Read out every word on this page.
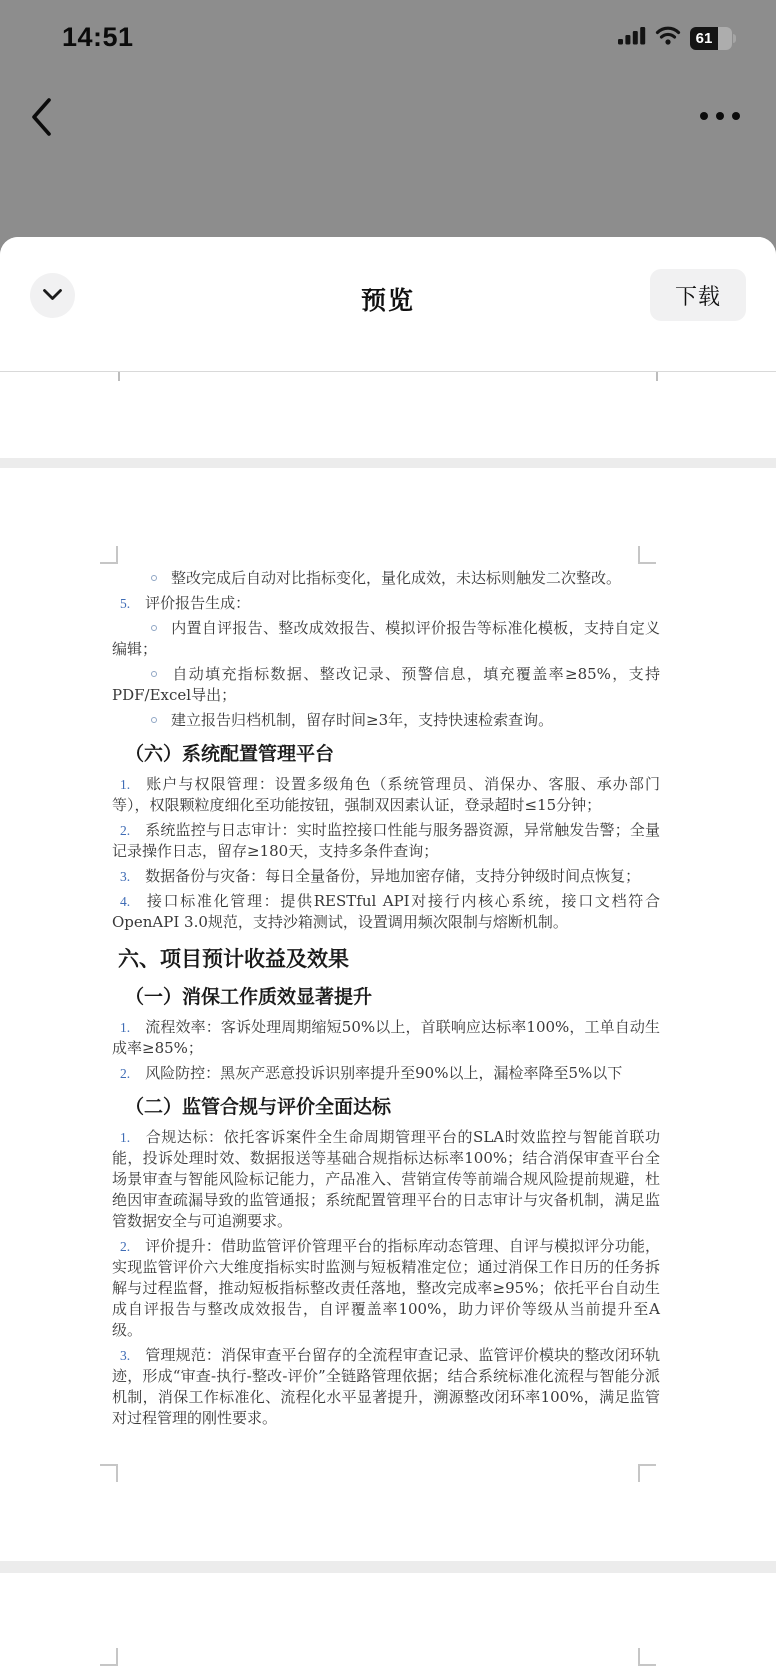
14:51	61
预览	下载

整改完成后自动对比指标变化，量化成效，未达标则触发二次整改。

5. 评价报告生成：

内置自评报告、整改成效报告、模拟评价报告等标准化模板，支持自定义编辑；

自动填充指标数据、整改记录、预警信息，填充覆盖率≥85%，支持PDF/Excel导出；

建立报告归档机制，留存时间≥3年，支持快速检索查询。

（六）系统配置管理平台

1. 账户与权限管理：设置多级角色（系统管理员、消保办、客服、承办部门等），权限颗粒度细化至功能按钮，强制双因素认证，登录超时≤15分钟；

2. 系统监控与日志审计：实时监控接口性能与服务器资源，异常触发告警；全量记录操作日志，留存≥180天，支持多条件查询；

3. 数据备份与灾备：每日全量备份，异地加密存储，支持分钟级时间点恢复；

4. 接口标准化管理：提供RESTful API对接行内核心系统，接口文档符合OpenAPI 3.0规范，支持沙箱测试，设置调用频次限制与熔断机制。

六、项目预计收益及效果
（一）消保工作质效显著提升

1. 流程效率：客诉处理周期缩短50%以上，首联响应达标率100%，工单自动生成率≥85%；

2. 风险防控：黑灰产恶意投诉识别率提升至90%以上，漏检率降至5%以下

（二）监管合规与评价全面达标

1. 合规达标：依托客诉案件全生命周期管理平台的SLA时效监控与智能首联功能，投诉处理时效、数据报送等基础合规指标达标率100%；结合消保审查平台全场景审查与智能风险标记能力，产品准入、营销宣传等前端合规风险提前规避，杜绝因审查疏漏导致的监管通报；系统配置管理平台的日志审计与灾备机制，满足监管数据安全与可追溯要求。

2. 评价提升：借助监管评价管理平台的指标库动态管理、自评与模拟评分功能，实现监管评价六大维度指标实时监测与短板精准定位；通过消保工作日历的任务拆解与过程监督，推动短板指标整改责任落地，整改完成率≥95%；依托平台自动生成自评报告与整改成效报告，自评覆盖率100%，助力评价等级从当前提升至A级。

3. 管理规范：消保审查平台留存的全流程审查记录、监管评价模块的整改闭环轨迹，形成“审查-执行-整改-评价”全链路管理依据；结合系统标准化流程与智能分派机制，消保工作标准化、流程化水平显著提升，溯源整改闭环率100%，满足监管对过程管理的刚性要求。
